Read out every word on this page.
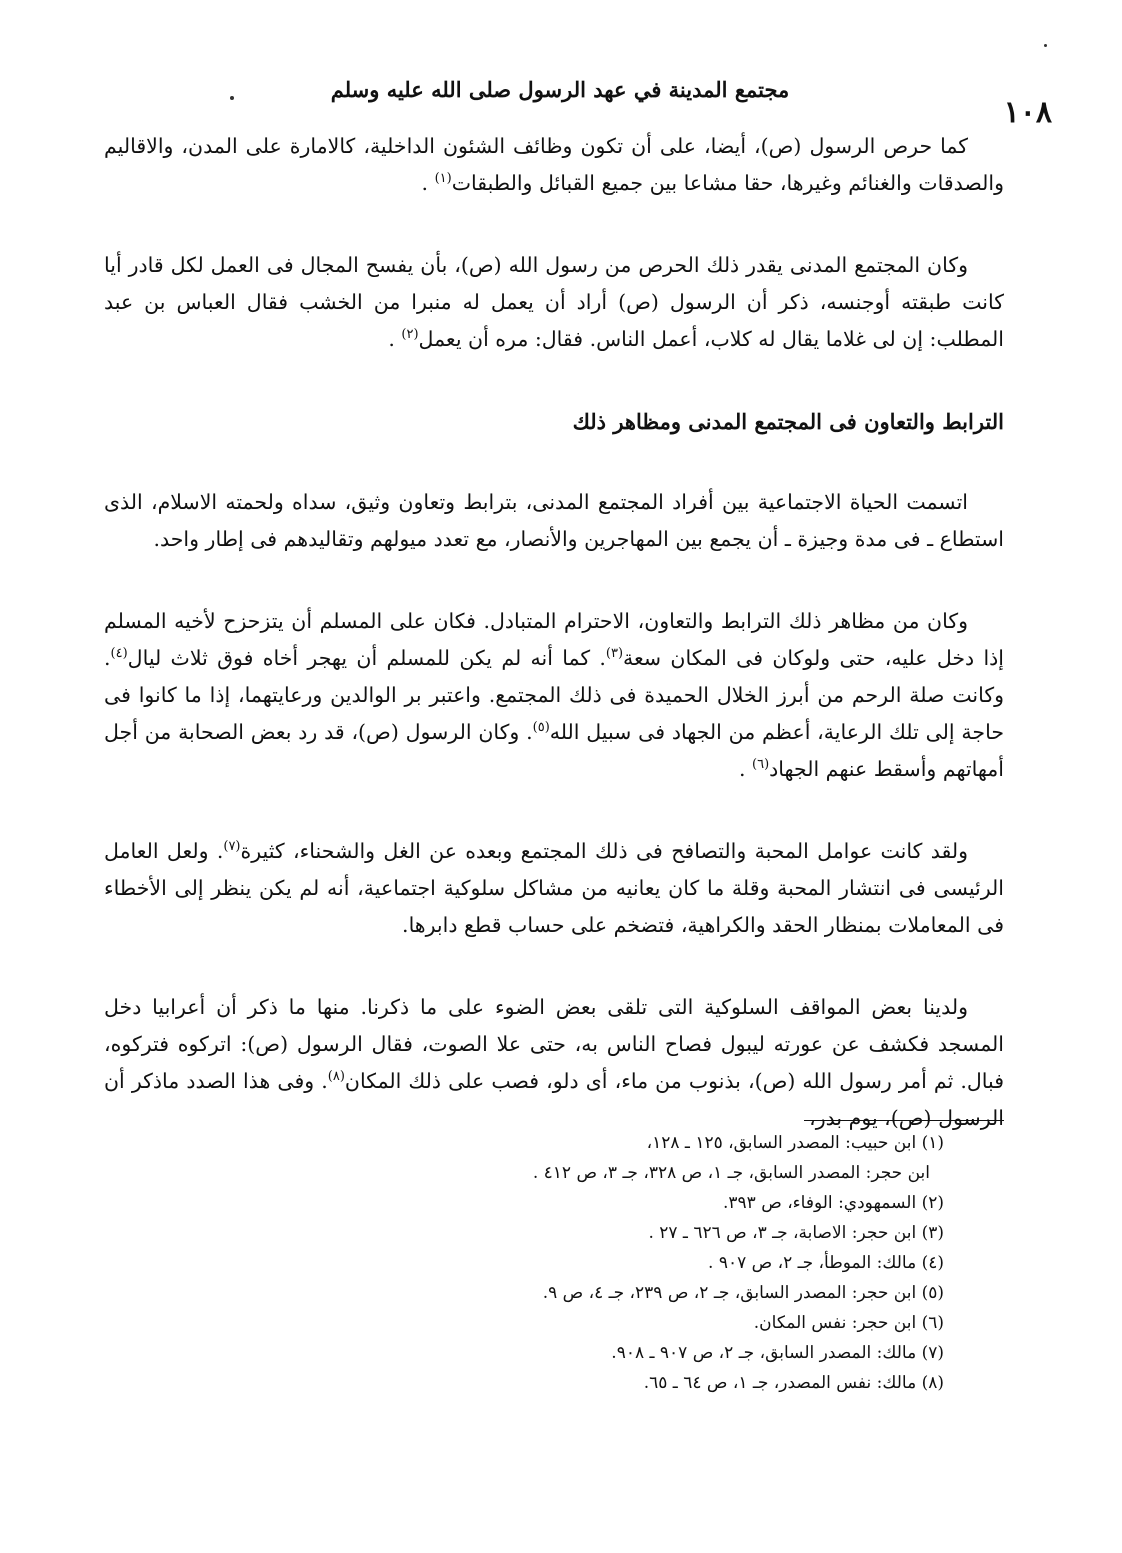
مجتمع المدينة في عهد الرسول صلى الله عليه وسلم
١٠٨

كما حرص الرسول (ص)، أيضا، على أن تكون وظائف الشئون الداخلية، كالامارة على المدن، والاقاليم والصدقات والغنائم وغيرها، حقا مشاعا بين جميع القبائل والطبقات$^{(١)}$ .

وكان المجتمع المدنى يقدر ذلك الحرص من رسول الله (ص)، بأن يفسح المجال فى العمل لكل قادر أيا كانت طبقته أوجنسه، ذكر أن الرسول (ص) أراد أن يعمل له منبرا من الخشب فقال العباس بن عبد المطلب: إن لى غلاما يقال له كلاب، أعمل الناس. فقال: مره أن يعمل$^{(٢)}$ .

الترابط والتعاون فى المجتمع المدنى ومظاهر ذلك

اتسمت الحياة الاجتماعية بين أفراد المجتمع المدنى، بترابط وتعاون وثيق، سداه ولحمته الاسلام، الذى استطاع ـ فى مدة وجيزة ـ أن يجمع بين المهاجرين والأنصار، مع تعدد ميولهم وتقاليدهم فى إطار واحد.

وكان من مظاهر ذلك الترابط والتعاون، الاحترام المتبادل. فكان على المسلم أن يتزحزح لأخيه المسلم إذا دخل عليه، حتى ولوكان فى المكان سعة$^{(٣)}$. كما أنه لم يكن للمسلم أن يهجر أخاه فوق ثلاث ليال$^{(٤)}$. وكانت صلة الرحم من أبرز الخلال الحميدة فى ذلك المجتمع. واعتبر بر الوالدين ورعايتهما، إذا ما كانوا فى حاجة إلى تلك الرعاية، أعظم من الجهاد فى سبيل الله$^{(٥)}$. وكان الرسول (ص)، قد رد بعض الصحابة من أجل أمهاتهم وأسقط عنهم الجهاد$^{(٦)}$ .

ولقد كانت عوامل المحبة والتصافح فى ذلك المجتمع وبعده عن الغل والشحناء، كثيرة$^{(٧)}$. ولعل العامل الرئيسى فى انتشار المحبة وقلة ما كان يعانيه من مشاكل سلوكية اجتماعية، أنه لم يكن ينظر إلى الأخطاء فى المعاملات بمنظار الحقد والكراهية، فتضخم على حساب قطع دابرها.

ولدينا بعض المواقف السلوكية التى تلقى بعض الضوء على ما ذكرنا. منها ما ذكر أن أعرابيا دخل المسجد فكشف عن عورته ليبول فصاح الناس به، حتى علا الصوت، فقال الرسول (ص): اتركوه فتركوه، فبال. ثم أمر رسول الله (ص)، بذنوب من ماء، أى دلو، فصب على ذلك المكان$^{(٨)}$. وفى هذا الصدد ماذكر أن الرسول (ص)، يوم بدر،

(١) ابن حبيب: المصدر السابق، ١٢٥ ـ ١٢٨،
ابن حجر: المصدر السابق، جـ ١، ص ٣٢٨، جـ ٣، ص ٤١٢ .
(٢) السمهودي: الوفاء، ص ٣٩٣.
(٣) ابن حجر: الاصابة، جـ ٣، ص ٦٢٦ ـ ٢٧ .
(٤) مالك: الموطأ، جـ ٢، ص ٩٠٧ .
(٥) ابن حجر: المصدر السابق، جـ ٢، ص ٢٣٩، جـ ٤، ص ٩.
(٦) ابن حجر: نفس المكان.
(٧) مالك: المصدر السابق، جـ ٢، ص ٩٠٧ ـ ٩٠٨.
(٨) مالك: نفس المصدر، جـ ١، ص ٦٤ ـ ٦٥.
